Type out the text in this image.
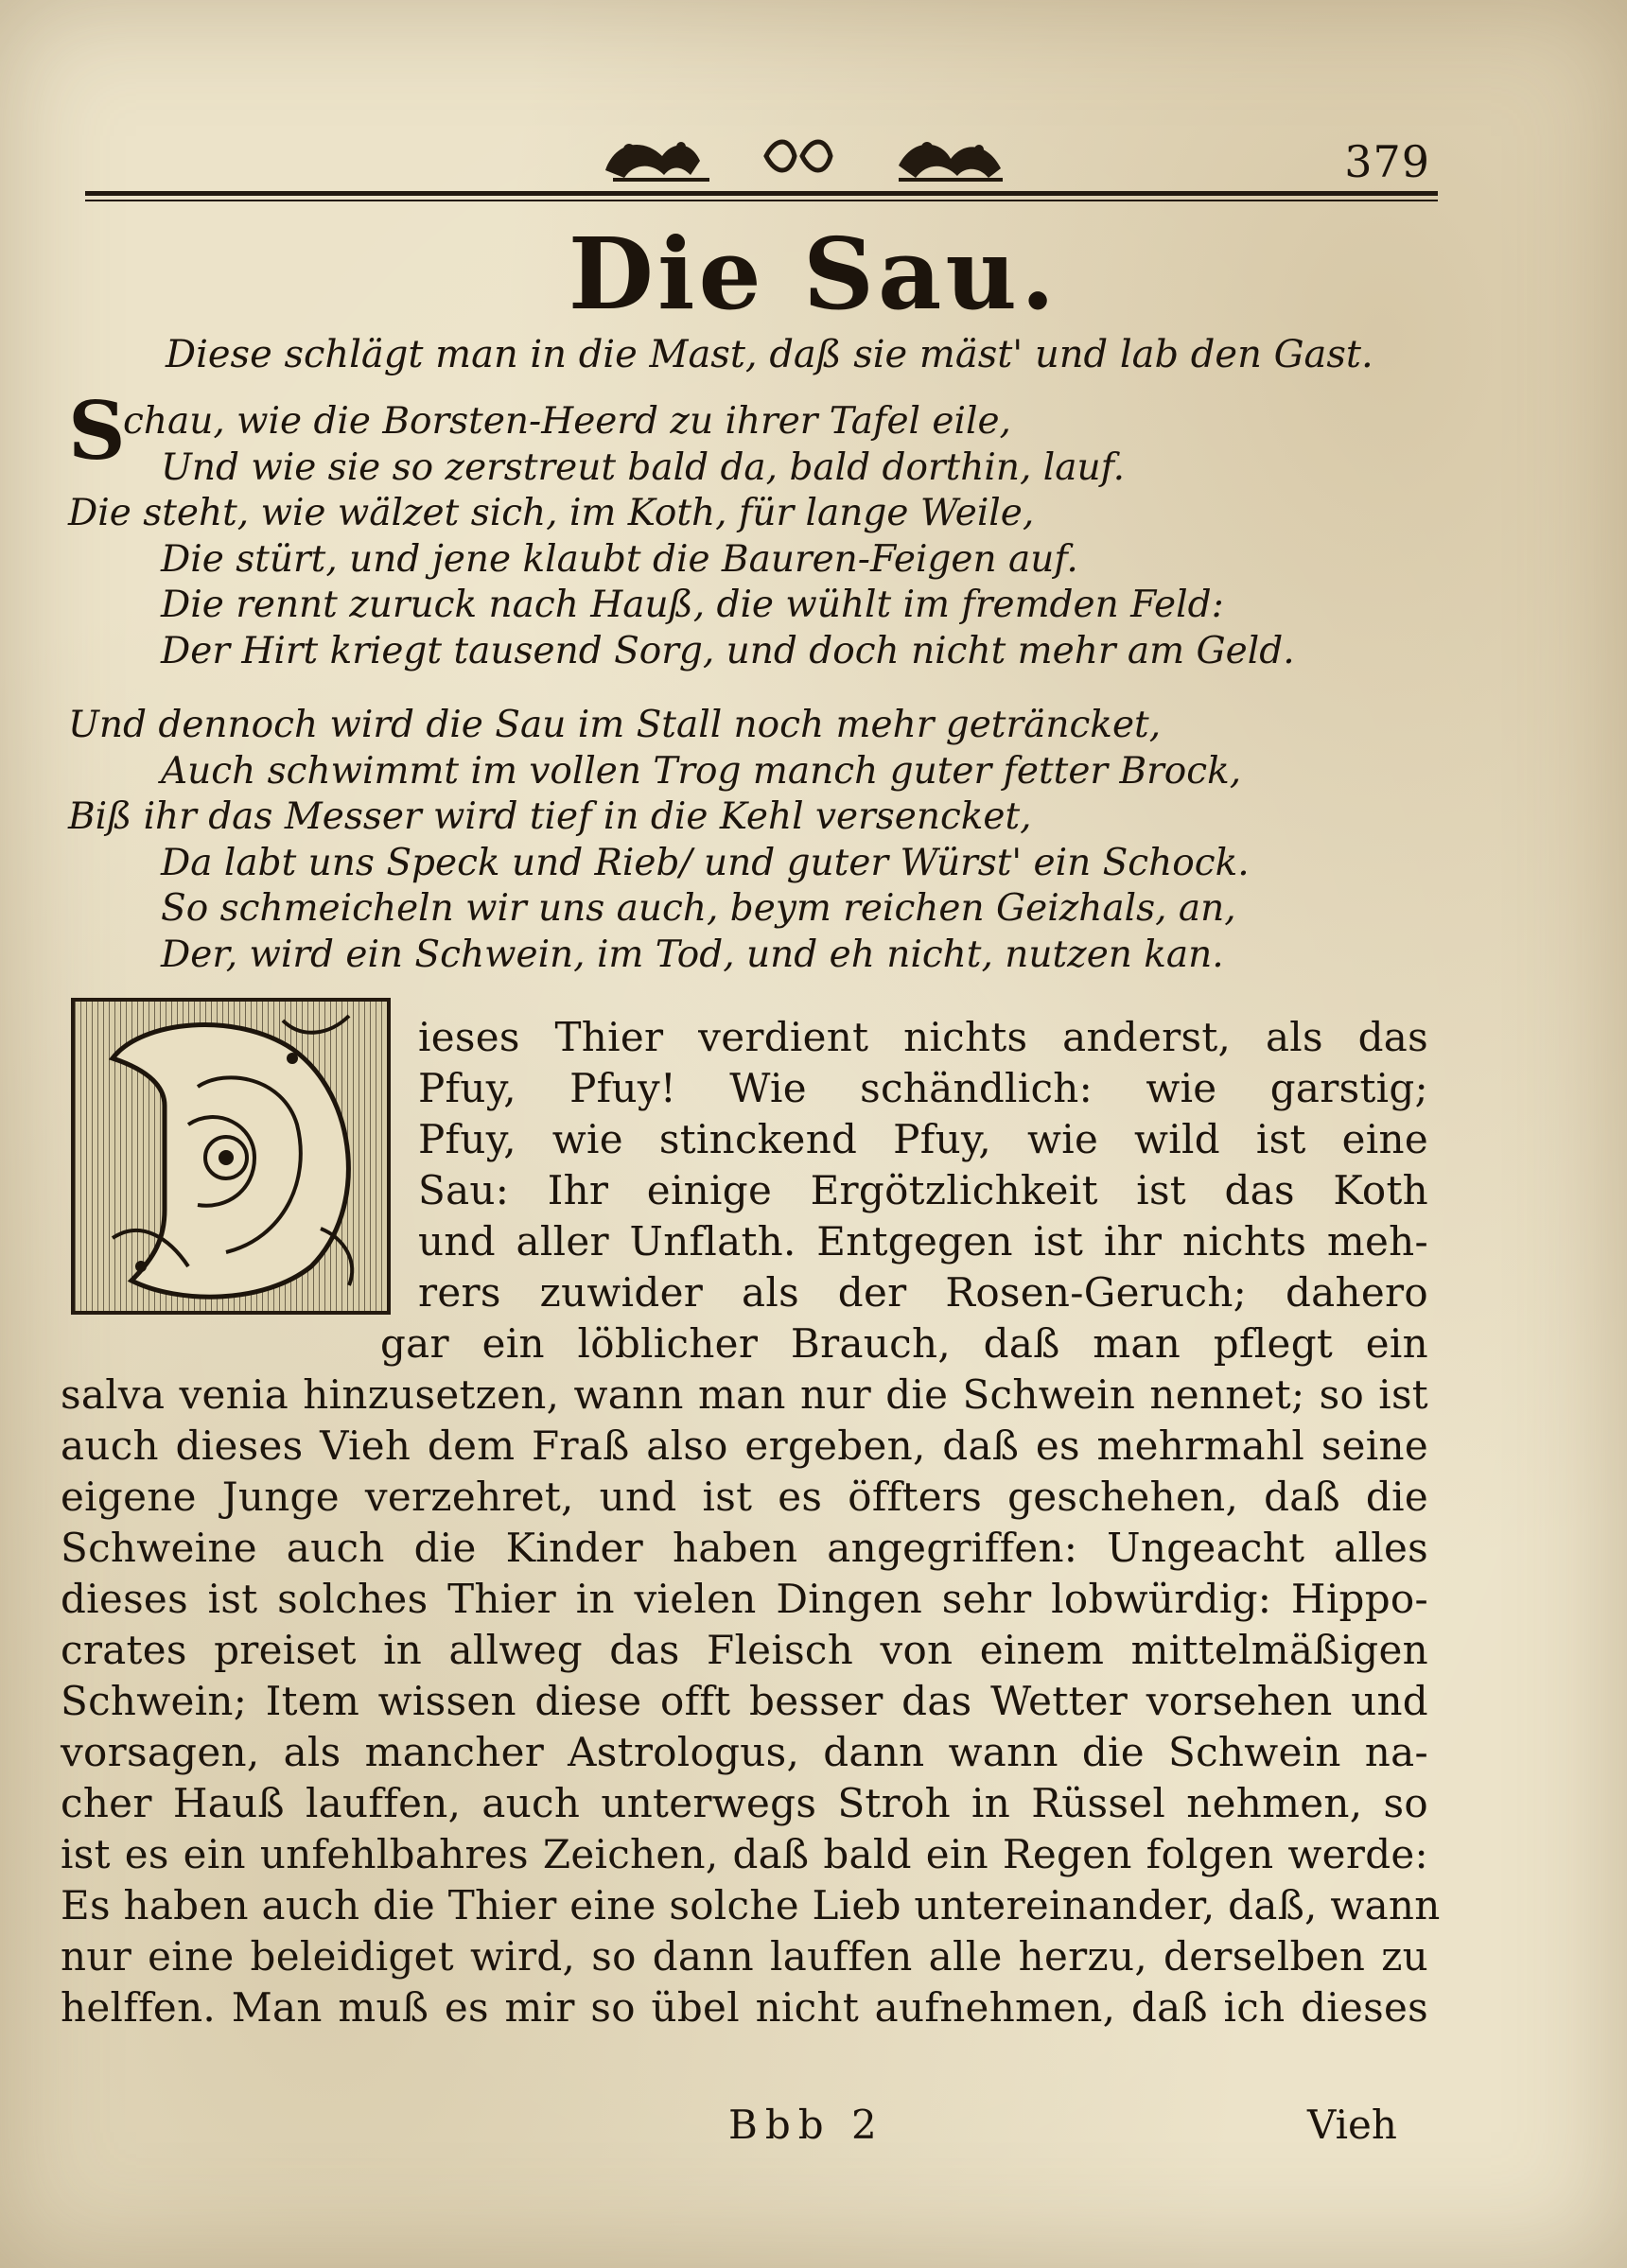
379
Die Sau.
Diese schlägt man in die Mast, daß sie mäst' und lab den Gast.
S
chau, wie die Borsten-Heerd zu ihrer Tafel eile,
Und wie sie so zerstreut bald da, bald dorthin, lauf.
Die steht, wie wälzet sich, im Koth, für lange Weile,
Die stürt, und jene klaubt die Bauren-Feigen auf.
Die rennt zuruck nach Hauß, die wühlt im fremden Feld:
Der Hirt kriegt tausend Sorg, und doch nicht mehr am Geld.
Und dennoch wird die Sau im Stall noch mehr geträncket,
Auch schwimmt im vollen Trog manch guter fetter Brock,
Biß ihr das Messer wird tief in die Kehl versencket,
Da labt uns Speck und Rieb/ und guter Würst' ein Schock.
So schmeicheln wir uns auch, beym reichen Geizhals, an,
Der, wird ein Schwein, im Tod, und eh nicht, nutzen kan.
ieses Thier verdient nichts anderst, als das
Pfuy, Pfuy! Wie schändlich: wie garstig;
Pfuy, wie stinckend Pfuy, wie wild ist eine
Sau: Ihr einige Ergötzlichkeit ist das Koth
und aller Unflath. Entgegen ist ihr nichts meh-
rers zuwider als der Rosen-Geruch; dahero
gar ein löblicher Brauch, daß man pflegt ein
salva venia hinzusetzen, wann man nur die Schwein nennet; so ist
auch dieses Vieh dem Fraß also ergeben, daß es mehrmahl seine
eigene Junge verzehret, und ist es öffters geschehen, daß die
Schweine auch die Kinder haben angegriffen: Ungeacht alles
dieses ist solches Thier in vielen Dingen sehr lobwürdig: Hippo-
crates preiset in allweg das Fleisch von einem mittelmäßigen
Schwein; Item wissen diese offt besser das Wetter vorsehen und
vorsagen, als mancher Astrologus, dann wann die Schwein na-
cher Hauß lauffen, auch unterwegs Stroh in Rüssel nehmen, so
ist es ein unfehlbahres Zeichen, daß bald ein Regen folgen werde:
Es haben auch die Thier eine solche Lieb untereinander, daß, wann
nur eine beleidiget wird, so dann lauffen alle herzu, derselben zu
helffen. Man muß es mir so übel nicht aufnehmen, daß ich dieses
Bbb 2	Vieh
